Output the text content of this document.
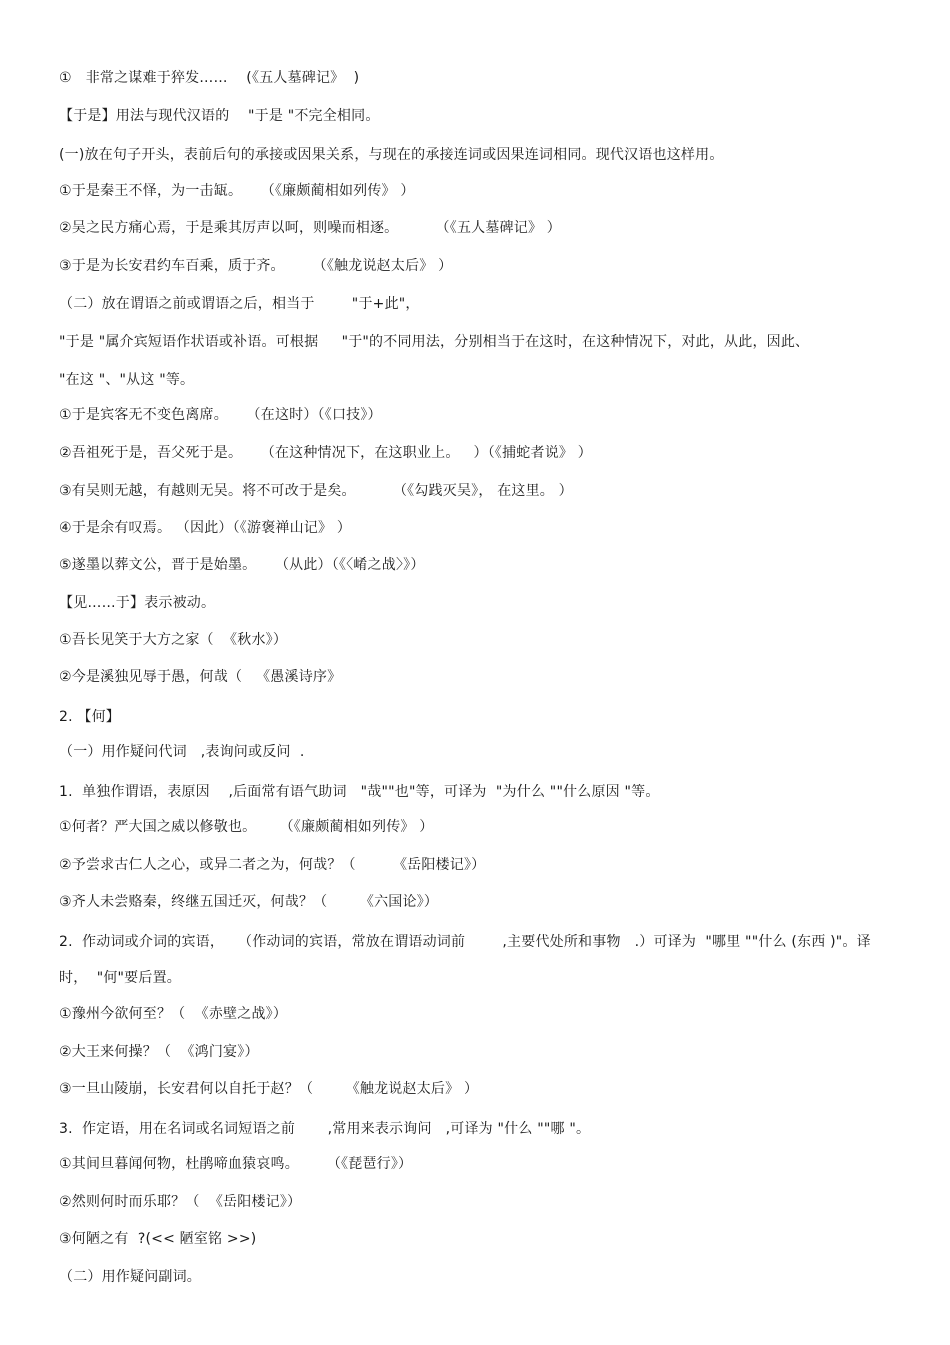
①   非常之谋难于猝发……    (《五人墓碑记》  )
【于是】用法与现代汉语的    "于是 "不完全相同。
(一)放在句子开头，表前后句的承接或因果关系，与现在的承接连词或因果连词相同。现代汉语也这样用。
①于是秦王不怿，为一击缻。    （《廉颇蔺相如列传》 ）
②吴之民方痛心焉，于是乘其厉声以呵，则噪而相逐。        （《五人墓碑记》 ）
③于是为长安君约车百乘，质于齐。      （《触龙说赵太后》 ）
（二）放在谓语之前或谓语之后，相当于        "于+此"，
"于是 "属介宾短语作状语或补语。可根据     "于"的不同用法，分别相当于在这时，在这种情况下，对此，从此，因此、
"在这 "、"从这 "等。
①于是宾客无不变色离席。    （在这时）（《口技》）
②吾祖死于是，吾父死于是。    （在这种情况下，在这职业上。   ）（《捕蛇者说》 ）
③有吴则无越，有越则无吴。将不可改于是矣。        （《勾践灭吴》， 在这里。 ）
④于是余有叹焉。 （因此）（《游褒禅山记》 ）
⑤遂墨以葬文公，晋于是始墨。    （从此）（《〈崤之战〉》）
【见……于】表示被动。
①吾长见笑于大方之家（  《秋水》）
②今是溪独见辱于愚，何哉（   《愚溪诗序》
2. 【何】
（一）用作疑问代词   ,表询问或反问  .
1.  单独作谓语，表原因    ,后面常有语气助词   "哉""也"等，可译为  "为什么 ""什么原因 "等。
①何者？严大国之威以修敬也。     （《廉颇蔺相如列传》 ）
②予尝求古仁人之心，或异二者之为，何哉？（        《岳阳楼记》）
③齐人未尝赂秦，终继五国迁灭，何哉？（       《六国论》）
2.  作动词或介词的宾语，   （作动词的宾语，常放在谓语动词前        ,主要代处所和事物   .）可译为  "哪里 ""什么 (东西 )"。译
时，  "何"要后置。
①豫州今欲何至？（  《赤壁之战》）
②大王来何操？（  《鸿门宴》）
③一旦山陵崩，长安君何以自托于赵？（       《触龙说赵太后》 ）
3.  作定语，用在名词或名词短语之前       ,常用来表示询问   ,可译为 "什么 ""哪 "。
①其间旦暮闻何物，杜鹃啼血猿哀鸣。      （《琵琶行》）
②然则何时而乐耶？（  《岳阳楼记》）
③何陋之有  ?(<< 陋室铭 >>)
（二）用作疑问副词。
